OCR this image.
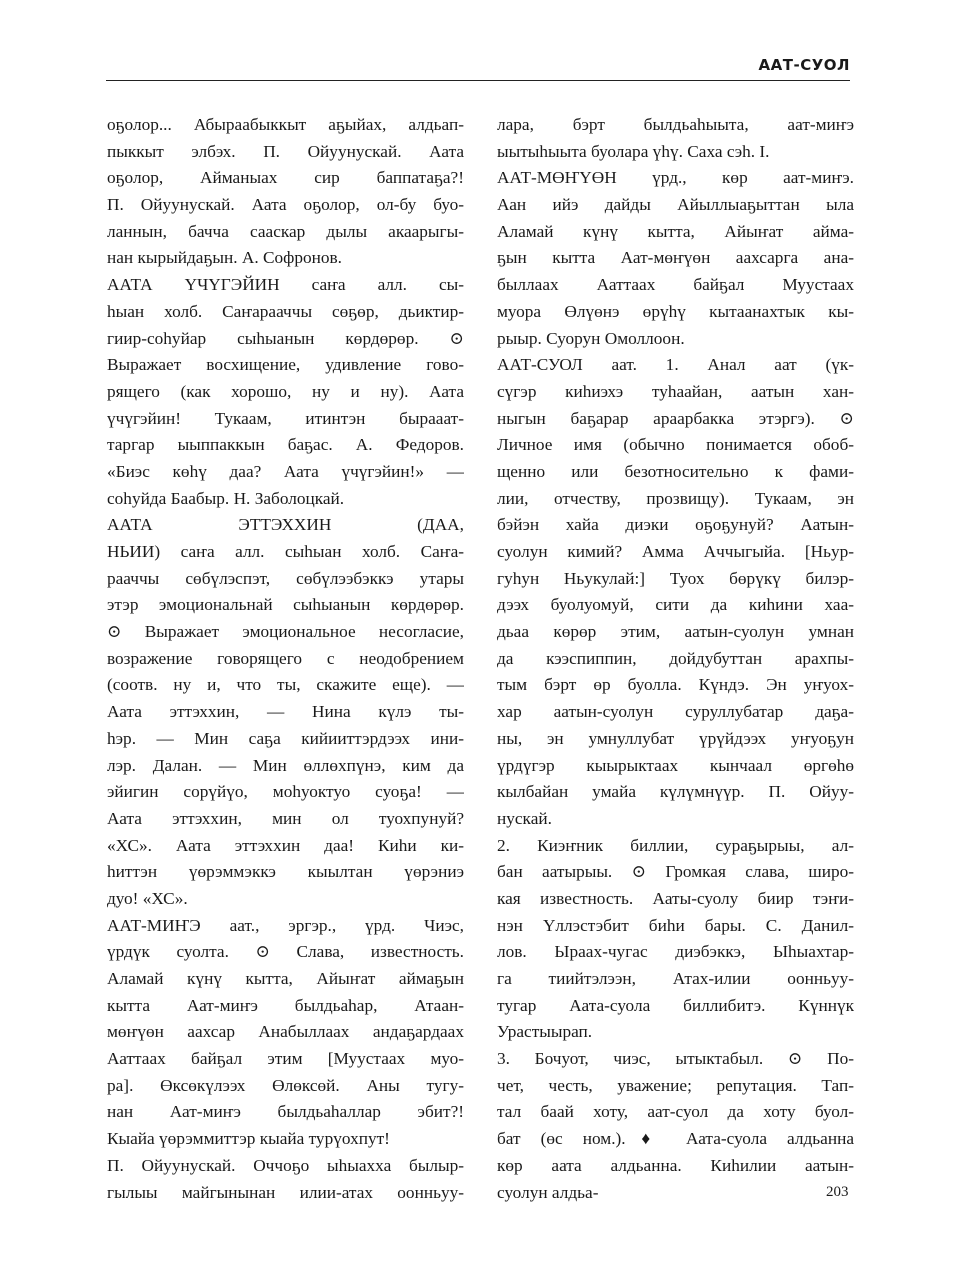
ААТ-СУОЛ
оҕолор... Абыраабыккыт аҕыйах, алдьап-
пыккыт элбэх. П. Ойуунускай. Аата
оҕолор, Айманыах сир баппатаҕа?!
П. Ойуунускай. Аата оҕолор, ол-бу буо-
ланнын, бачча сааскар дылы акаарыгы-
нан кырыйдаҕын. А. Софронов.
ААТА ҮЧҮГЭЙИН саҥа алл. сы-
һыан холб. Саҥарааччы сөҕөр, дьиктир-
гиир-соһуйар сыһыанын көрдөрөр. ⊙
Выражает восхищение, удивление гово-
рящего (как хорошо, ну и ну). Аата
үчүгэйин! Тукаам, итинтэн бырааат-
таргар ыыппаккын баҕас. А. Федоров.
«Биэс көһү даа? Аата үчүгэйин!» —
соһуйда Баабыр. Н. Заболоцкай.
ААТА ЭТТЭХХИН (ДАА,
НЬИИ) саҥа алл. сыһыан холб. Саҥа-
рааччы сөбүлэспэт, сөбүлээбэккэ утары
этэр эмоциональнай сыһыанын көрдөрөр.
⊙ Выражает эмоциональное несогласие,
возражение говорящего с неодобрением
(соотв. ну и, что ты, скажите еще). —
Аата эттэххин, — Нина күлэ ты-
һэр. — Мин саҕа кийииттэрдээх ини-
лэр. Далан. — Мин өллөхпүнэ, ким да
эйигин сорүйүо, моһуоктуо суоҕа! —
Аата эттэххин, мин ол туохпунуй?
«ХС». Аата эттэххин даа! Киһи ки-
һиттэн үөрэммэккэ кыылтан үөрэниэ
дуо! «ХС».
ААТ-МИҤЭ аат., эргэр., үрд. Чиэс,
үрдүк суолта. ⊙ Слава, известность.
Аламай күнү кытта, Айыҥат аймаҕын
кытта Аат-миҥэ былдьаһар, Атаан-
мөҥүөн аахсар Анабыллаах андаҕардаах
Ааттаах байҕал этим [Муустаах муо-
ра]. Өксөкүлээх Өлөксөй. Аны тугу-
нан Аат-миҥэ былдьаһаллар эбит?!
Кыайа үөрэммиттэр кыайа турүохпут!
П. Ойуунускай. Оччоҕо ыһыахха былыр-
гылыы майгынынан илии-атах оонньуу-
лара, бэрт былдьаһыыта, аат-миҥэ
ыытыһыыта буолара үһү. Саха сэһ. I.
ААТ-МӨҤҮӨН үрд., көр аат-миҥэ.
Аан ийэ дайды Айыллыаҕыттан ыла
Аламай күнү кытта, Айыҥат айма-
ҕын кытта Аат-мөҥүөн аахсарга ана-
быллаах Ааттаах байҕал Муустаах
муора Өлүөнэ өрүһү кытаанахтык кы-
рыыр. Суорун Омоллоон.
ААТ-СУОЛ аат. 1. Анал аат (үк-
сүгэр киһиэхэ туһаайан, аатын хан-
ныгын баҕарар араарбакка этэргэ). ⊙
Личное имя (обычно понимается обоб-
щенно или безотносительно к фами-
лии, отчеству, прозвищу). Тукаам, эн
бэйэн хайа диэки оҕоҕунуй? Аатын-
суолун кимий? Амма Аччыгыйа. [Ньур-
гуһун Ньукулай:] Туох бөрүкү билэр-
дээх буолуомуй, сити да киһини хаа-
дьаа көрөр этим, аатын-суолун умнан
да кээспиппин, дойдубуттан арахпы-
тым бэрт өр буолла. Күндэ. Эн уҥуох-
хар аатын-суолун суруллубатар даҕа-
ны, эн умнуллубат үрүйдээх уҥуоҕун
үрдүгэр кыырыктаах кынчаал өргөһө
кылбайан умайа күлүмнүүр. П. Ойуу-
нускай.
2. Киэҥник биллии, сураҕырыы, ал-
бан аатырыы. ⊙ Громкая слава, широ-
кая известность. Ааты-суолу биир тэҥи-
нэн Үллэстэбит биһи бары. С. Данил-
лов. Ыраах-чугас диэбэккэ, Ыһыахтар-
га тиийтэлээн, Атах-илии оонньуу-
тугар Аата-суола биллибитэ. Күннүк
Урастыырап.
3. Бочуот, чиэс, ытыктабыл. ⊙ По-
чет, честь, уважение; репутация. Тап-
тал баай хоту, аат-суол да хоту буол-
бат (өс ном.).♦ Аата-суола алдьанна
көр аата алдьанна. Киһилии аатын-
суолун алдьа-	203
